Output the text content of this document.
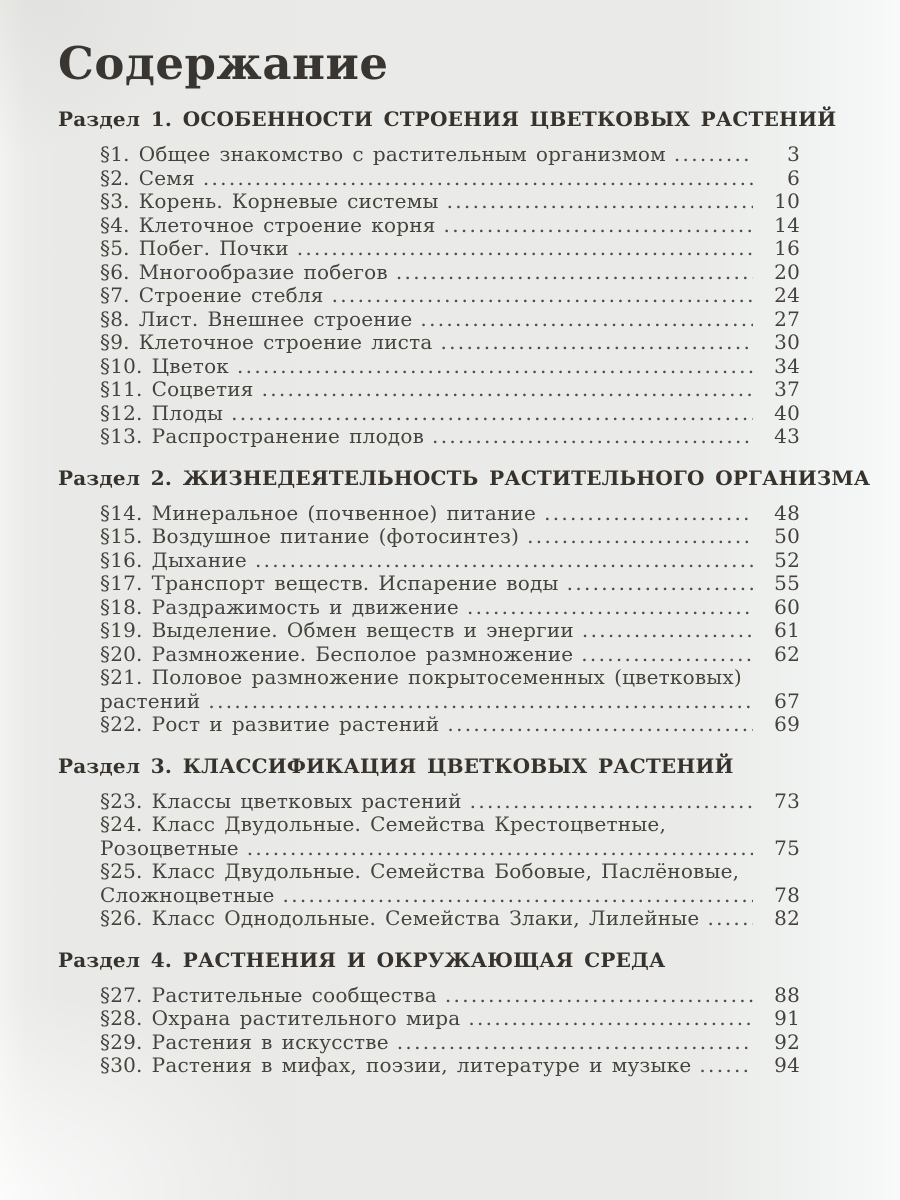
Содержание
Раздел 1. ОСОБЕННОСТИ СТРОЕНИЯ ЦВЕТКОВЫХ РАСТЕНИЙ
§1. Общее знакомство с растительным организмом .....	3
§2. Семя .....	6
§3. Корень. Корневые системы .....	10
§4. Клеточное строение корня .....	14
§5. Побег. Почки .....	16
§6. Многообразие побегов .....	20
§7. Строение стебля .....	24
§8. Лист. Внешнее строение .....	27
§9. Клеточное строение листа .....	30
§10. Цветок .....	34
§11. Соцветия .....	37
§12. Плоды .....	40
§13. Распространение плодов .....	43
Раздел 2. ЖИЗНЕДЕЯТЕЛЬНОСТЬ РАСТИТЕЛЬНОГО ОРГАНИЗМА
§14. Минеральное (почвенное) питание .....	48
§15. Воздушное питание (фотосинтез) .....	50
§16. Дыхание .....	52
§17. Транспорт веществ. Испарение воды .....	55
§18. Раздражимость и движение .....	60
§19. Выделение. Обмен веществ и энергии .....	61
§20. Размножение. Бесполое размножение .....	62
§21. Половое размножение покрытосеменных (цветковых)
растений .....	67
§22. Рост и развитие растений .....	69
Раздел 3. КЛАССИФИКАЦИЯ ЦВЕТКОВЫХ РАСТЕНИЙ
§23. Классы цветковых растений .....	73
§24. Класс Двудольные. Семейства Крестоцветные,
Розоцветные .....	75
§25. Класс Двудольные. Семейства Бобовые, Паслёновые,
Сложноцветные .....	78
§26. Класс Однодольные. Семейства Злаки, Лилейные .....	82
Раздел 4. РАСТНЕНИЯ И ОКРУЖАЮЩАЯ СРЕДА
§27. Растительные сообщества .....	88
§28. Охрана растительного мира .....	91
§29. Растения в искусстве .....	92
§30. Растения в мифах, поэзии, литературе и музыке .....	94
